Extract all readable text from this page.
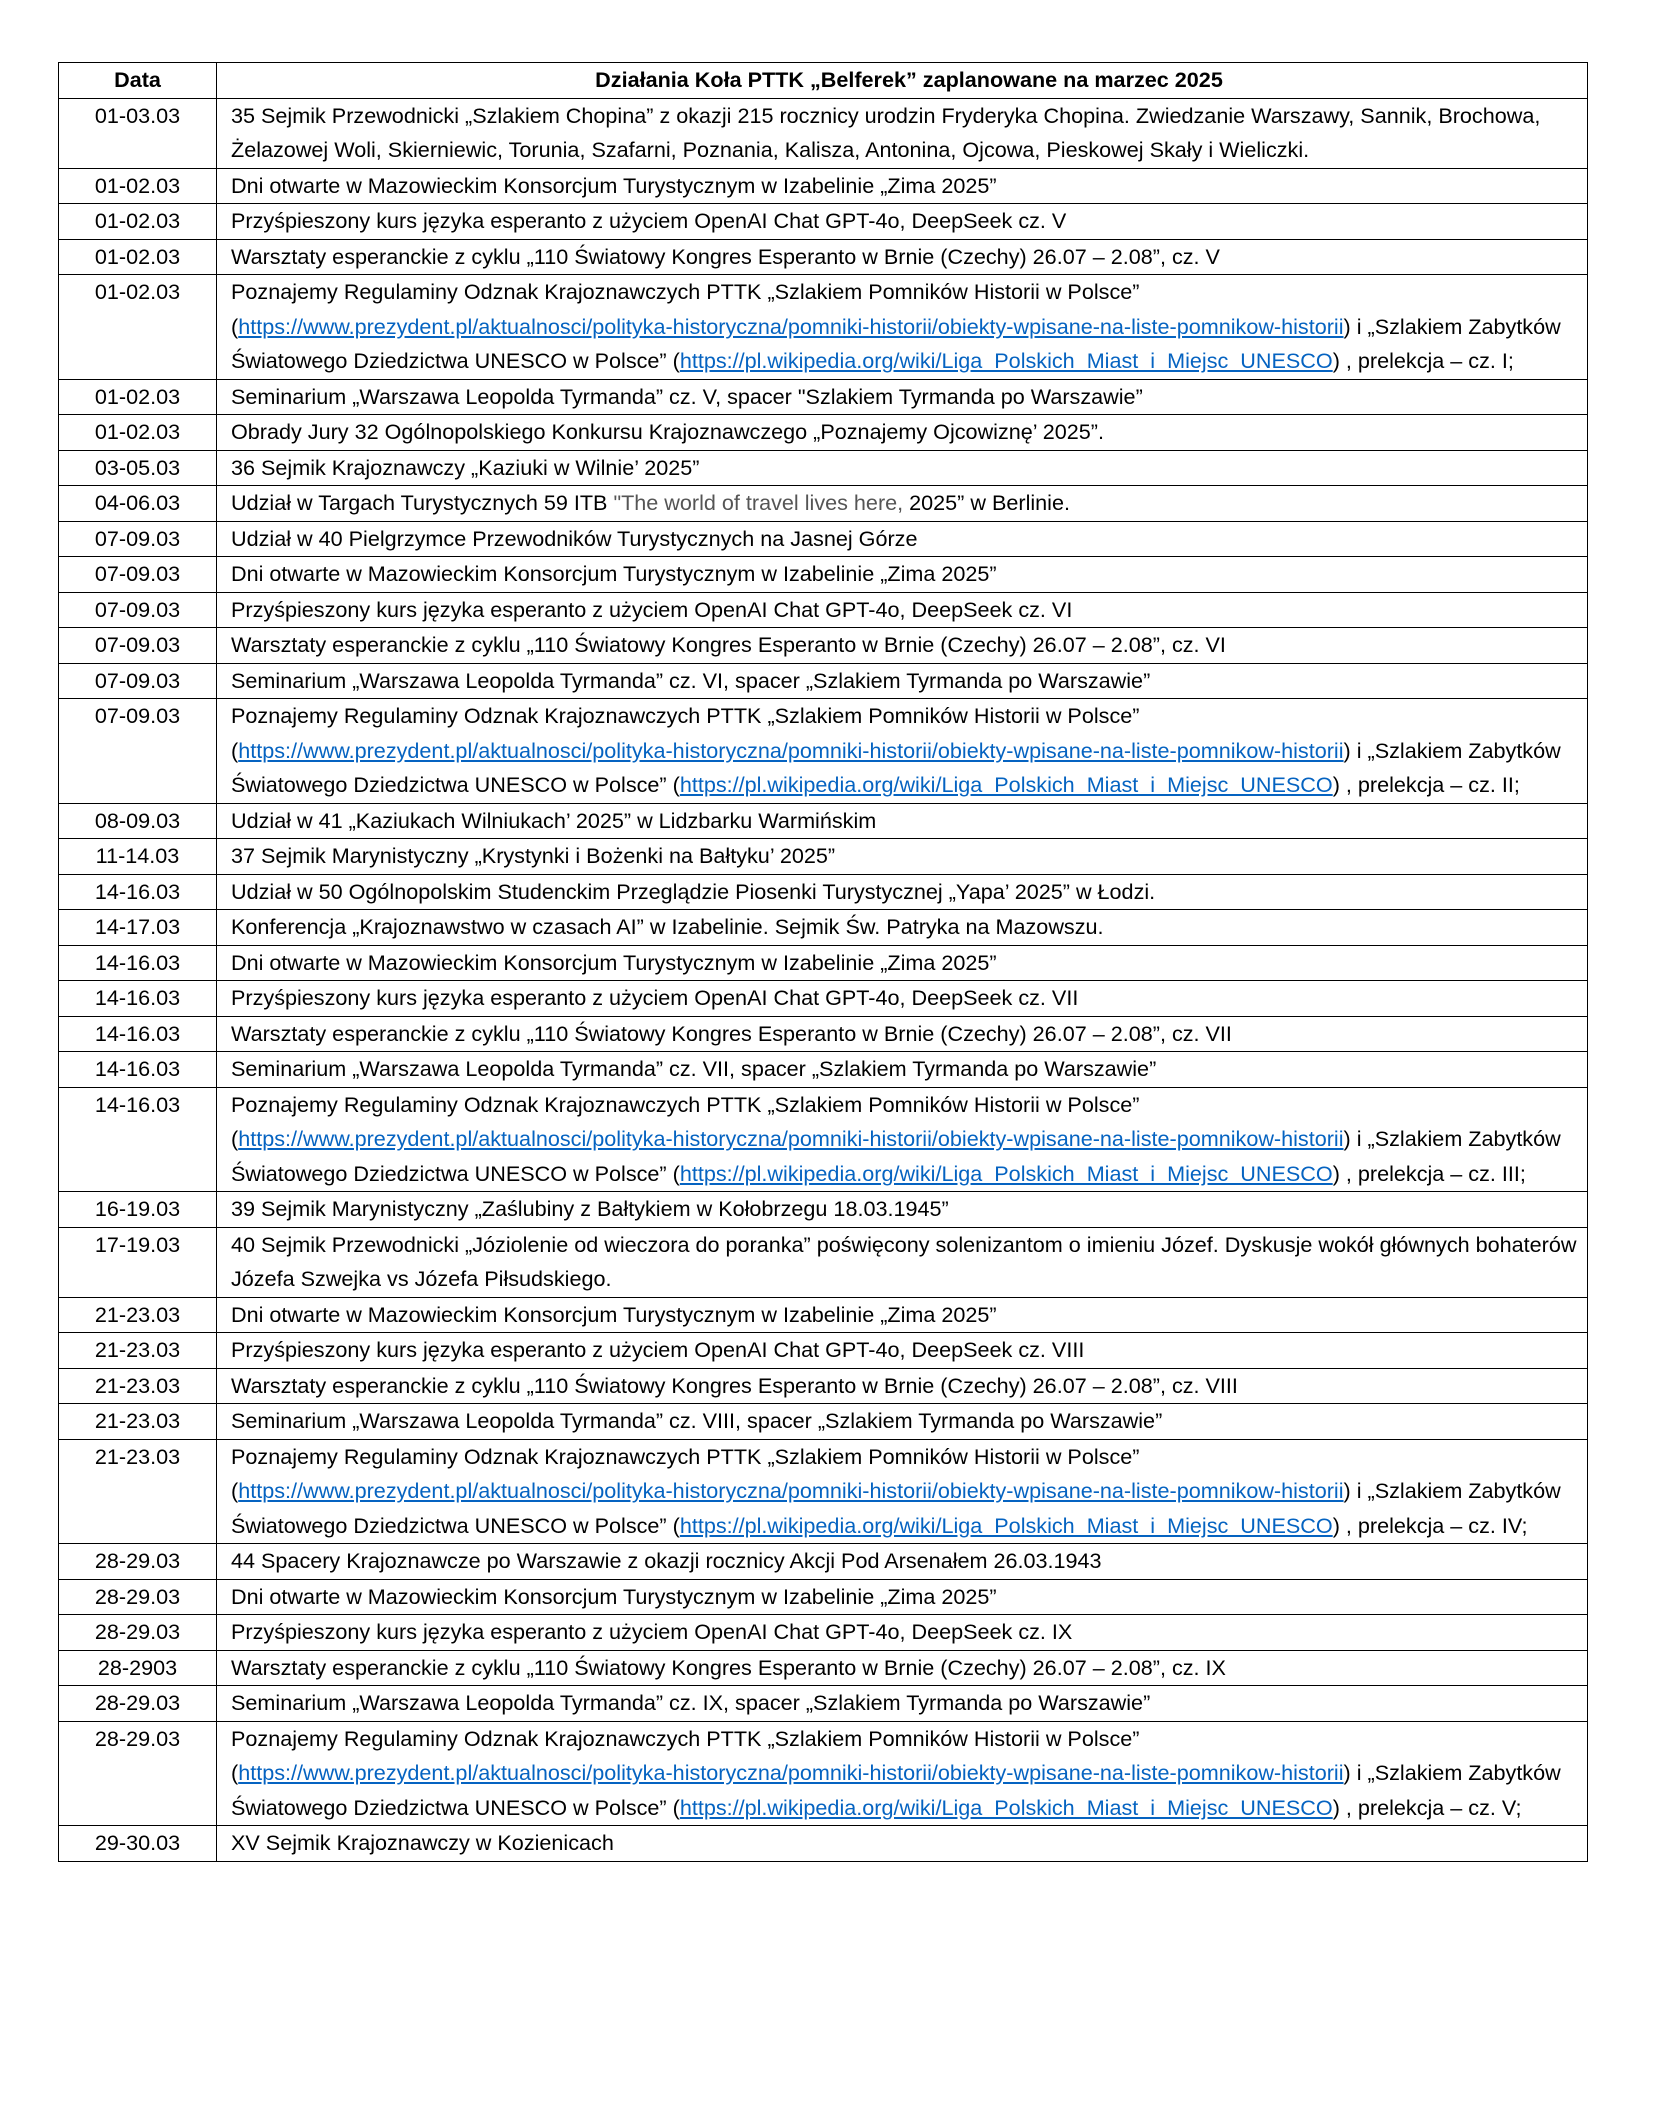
Data	Działania Koła PTTK „Belferek” zaplanowane na marzec 2025
01-03.03	35 Sejmik Przewodnicki „Szlakiem Chopina” z okazji 215 rocznicy urodzin Fryderyka Chopina. Zwiedzanie Warszawy, Sannik, Brochowa, Żelazowej Woli, Skierniewic, Torunia, Szafarni, Poznania, Kalisza, Antonina, Ojcowa, Pieskowej Skały i Wieliczki.
01-02.03	Dni otwarte w Mazowieckim Konsorcjum Turystycznym w Izabelinie „Zima 2025”
01-02.03	Przyśpieszony kurs języka esperanto z użyciem OpenAI Chat GPT-4o, DeepSeek cz. V
01-02.03	Warsztaty esperanckie z cyklu „110 Światowy Kongres Esperanto w Brnie (Czechy) 26.07 – 2.08”, cz. V
01-02.03	Poznajemy Regulaminy Odznak Krajoznawczych PTTK „Szlakiem Pomników Historii w Polsce” (https://www.prezydent.pl/aktualnosci/polityka-historyczna/pomniki-historii/obiekty-wpisane-na-liste-pomnikow-historii) i „Szlakiem Zabytków Światowego Dziedzictwa UNESCO w Polsce” (https://pl.wikipedia.org/wiki/Liga_Polskich_Miast_i_Miejsc_UNESCO) , prelekcja – cz. I;
01-02.03	Seminarium „Warszawa Leopolda Tyrmanda” cz. V, spacer "Szlakiem Tyrmanda po Warszawie”
01-02.03	Obrady Jury 32 Ogólnopolskiego Konkursu Krajoznawczego „Poznajemy Ojcowiznę’ 2025”.
03-05.03	36 Sejmik Krajoznawczy „Kaziuki w Wilnie’ 2025”
04-06.03	Udział w Targach Turystycznych 59 ITB "The world of travel lives here, 2025” w Berlinie.
07-09.03	Udział w 40 Pielgrzymce Przewodników Turystycznych na Jasnej Górze
07-09.03	Dni otwarte w Mazowieckim Konsorcjum Turystycznym w Izabelinie „Zima 2025”
07-09.03	Przyśpieszony kurs języka esperanto z użyciem OpenAI Chat GPT-4o, DeepSeek cz. VI
07-09.03	Warsztaty esperanckie z cyklu „110 Światowy Kongres Esperanto w Brnie (Czechy) 26.07 – 2.08”, cz. VI
07-09.03	Seminarium „Warszawa Leopolda Tyrmanda” cz. VI, spacer „Szlakiem Tyrmanda po Warszawie”
07-09.03	Poznajemy Regulaminy Odznak Krajoznawczych PTTK „Szlakiem Pomników Historii w Polsce” (https://www.prezydent.pl/aktualnosci/polityka-historyczna/pomniki-historii/obiekty-wpisane-na-liste-pomnikow-historii) i „Szlakiem Zabytków Światowego Dziedzictwa UNESCO w Polsce” (https://pl.wikipedia.org/wiki/Liga_Polskich_Miast_i_Miejsc_UNESCO) , prelekcja – cz. II;
08-09.03	Udział w 41 „Kaziukach Wilniukach’ 2025” w Lidzbarku Warmińskim
11-14.03	37 Sejmik Marynistyczny „Krystynki i Bożenki na Bałtyku’ 2025”
14-16.03	Udział w 50 Ogólnopolskim Studenckim Przeglądzie Piosenki Turystycznej „Yapa’ 2025” w Łodzi.
14-17.03	Konferencja „Krajoznawstwo w czasach AI” w Izabelinie. Sejmik Św. Patryka na Mazowszu.
14-16.03	Dni otwarte w Mazowieckim Konsorcjum Turystycznym w Izabelinie „Zima 2025”
14-16.03	Przyśpieszony kurs języka esperanto z użyciem OpenAI Chat GPT-4o, DeepSeek cz. VII
14-16.03	Warsztaty esperanckie z cyklu „110 Światowy Kongres Esperanto w Brnie (Czechy) 26.07 – 2.08”, cz. VII
14-16.03	Seminarium „Warszawa Leopolda Tyrmanda” cz. VII, spacer „Szlakiem Tyrmanda po Warszawie”
14-16.03	Poznajemy Regulaminy Odznak Krajoznawczych PTTK „Szlakiem Pomników Historii w Polsce” (https://www.prezydent.pl/aktualnosci/polityka-historyczna/pomniki-historii/obiekty-wpisane-na-liste-pomnikow-historii) i „Szlakiem Zabytków Światowego Dziedzictwa UNESCO w Polsce” (https://pl.wikipedia.org/wiki/Liga_Polskich_Miast_i_Miejsc_UNESCO) , prelekcja – cz. III;
16-19.03	39 Sejmik Marynistyczny „Zaślubiny z Bałtykiem w Kołobrzegu 18.03.1945”
17-19.03	40 Sejmik Przewodnicki „Józiolenie od wieczora do poranka” poświęcony solenizantom o imieniu Józef. Dyskusje wokół głównych bohaterów Józefa Szwejka vs Józefa Piłsudskiego.
21-23.03	Dni otwarte w Mazowieckim Konsorcjum Turystycznym w Izabelinie „Zima 2025”
21-23.03	Przyśpieszony kurs języka esperanto z użyciem OpenAI Chat GPT-4o, DeepSeek cz. VIII
21-23.03	Warsztaty esperanckie z cyklu „110 Światowy Kongres Esperanto w Brnie (Czechy) 26.07 – 2.08”, cz. VIII
21-23.03	Seminarium „Warszawa Leopolda Tyrmanda” cz. VIII, spacer „Szlakiem Tyrmanda po Warszawie”
21-23.03	Poznajemy Regulaminy Odznak Krajoznawczych PTTK „Szlakiem Pomników Historii w Polsce” (https://www.prezydent.pl/aktualnosci/polityka-historyczna/pomniki-historii/obiekty-wpisane-na-liste-pomnikow-historii) i „Szlakiem Zabytków Światowego Dziedzictwa UNESCO w Polsce” (https://pl.wikipedia.org/wiki/Liga_Polskich_Miast_i_Miejsc_UNESCO) , prelekcja – cz. IV;
28-29.03	44 Spacery Krajoznawcze po Warszawie z okazji rocznicy Akcji Pod Arsenałem 26.03.1943
28-29.03	Dni otwarte w Mazowieckim Konsorcjum Turystycznym w Izabelinie „Zima 2025”
28-29.03	Przyśpieszony kurs języka esperanto z użyciem OpenAI Chat GPT-4o, DeepSeek cz. IX
28-2903	Warsztaty esperanckie z cyklu „110 Światowy Kongres Esperanto w Brnie (Czechy) 26.07 – 2.08”, cz. IX
28-29.03	Seminarium „Warszawa Leopolda Tyrmanda” cz. IX, spacer „Szlakiem Tyrmanda po Warszawie”
28-29.03	Poznajemy Regulaminy Odznak Krajoznawczych PTTK „Szlakiem Pomników Historii w Polsce” (https://www.prezydent.pl/aktualnosci/polityka-historyczna/pomniki-historii/obiekty-wpisane-na-liste-pomnikow-historii) i „Szlakiem Zabytków Światowego Dziedzictwa UNESCO w Polsce” (https://pl.wikipedia.org/wiki/Liga_Polskich_Miast_i_Miejsc_UNESCO) , prelekcja – cz. V;
29-30.03	XV Sejmik Krajoznawczy w Kozienicach
